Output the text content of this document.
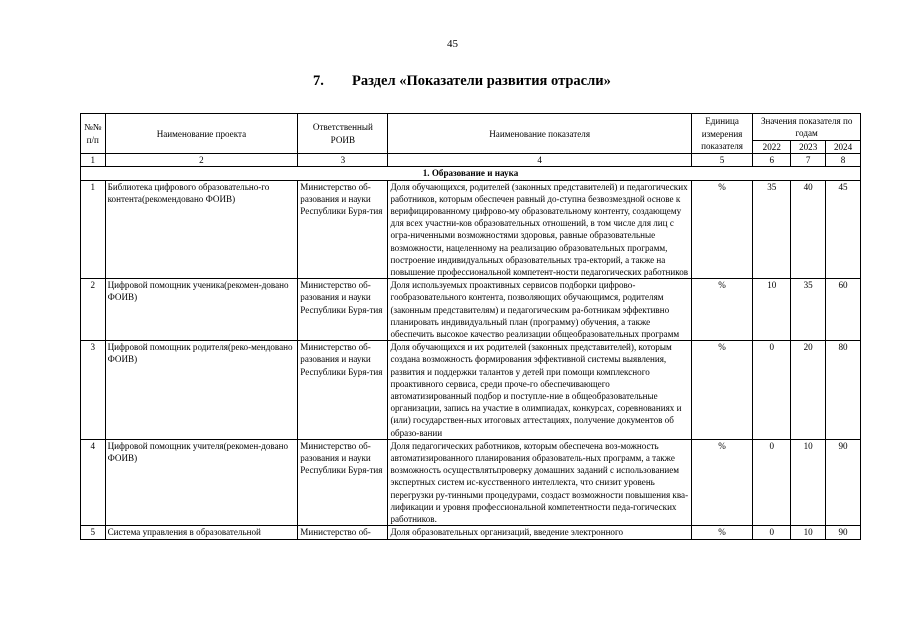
45
7. Раздел «Показатели развития отрасли»
№№ п/п	Наименование проекта	Ответственный РОИВ	Наименование показателя	Единица измерения показателя	Значения показателя по годам		
					2022	2023	2024
1	2	3	4	5	6	7	8
1. Образование и наука							
1	Библиотека цифрового образовательно-го контента(рекомендовано ФОИВ)	Министерство об-разования и науки Республики Буря-тия	Доля обучающихся, родителей (законных представителей) и педагогических работников, которым обеспечен равный до-ступна безвозмездной основе к верифицированному цифрово-му образовательному контенту, создающему для всех участни-ков образовательных отношений, в том числе для лиц с огра-ниченными возможностями здоровья, равные образовательные возможности, нацеленному на реализацию образовательных программ, построение индивидуальных образовательных тра-екторий, а также на повышение профессиональной компетент-ности педагогических работников	%	35	40	45
2	Цифровой помощник ученика(рекомен-довано ФОИВ)	Министерство об-разования и науки Республики Буря-тия	Доля используемых проактивных сервисов подборки цифрово-гообразовательного контента, позволяющих обучающимся, родителям (законным представителям) и педагогическим ра-ботникам эффективно планировать индивидуальный план (программу) обучения, а также обеспечить высокое качество реализации общеобразовательных программ	%	10	35	60
3	Цифровой помощник родителя(реко-мендовано ФОИВ)	Министерство об-разования и науки Республики Буря-тия	Доля обучающихся и их родителей (законных представителей), которым создана возможность формирования эффективной системы выявления, развития и поддержки талантов у детей при помощи комплексного проактивного сервиса, среди проче-го обеспечивающего автоматизированный подбор и поступле-ние в общеобразовательные организации, запись на участие в олимпиадах, конкурсах, соревнованиях и (или) государствен-ных итоговых аттестациях, получение документов об образо-вании	%	0	20	80
4	Цифровой помощник учителя(рекомен-довано ФОИВ)	Министерство об-разования и науки Республики Буря-тия	Доля педагогических работников, которым обеспечена воз-можность автоматизированного планирования образователь-ных программ, а также возможность осуществлятьпроверку домашних заданий с использованием экспертных систем ис-кусственного интеллекта, что снизит уровень перегрузки ру-тинными процедурами, создаст возможности повышения ква-лификации и уровня профессиональной компетентности педа-гогических работников.	%	0	10	90
5	Система управления в образовательной	Министерство об-	Доля образовательных организаций, введение электронного	%	0	10	90
